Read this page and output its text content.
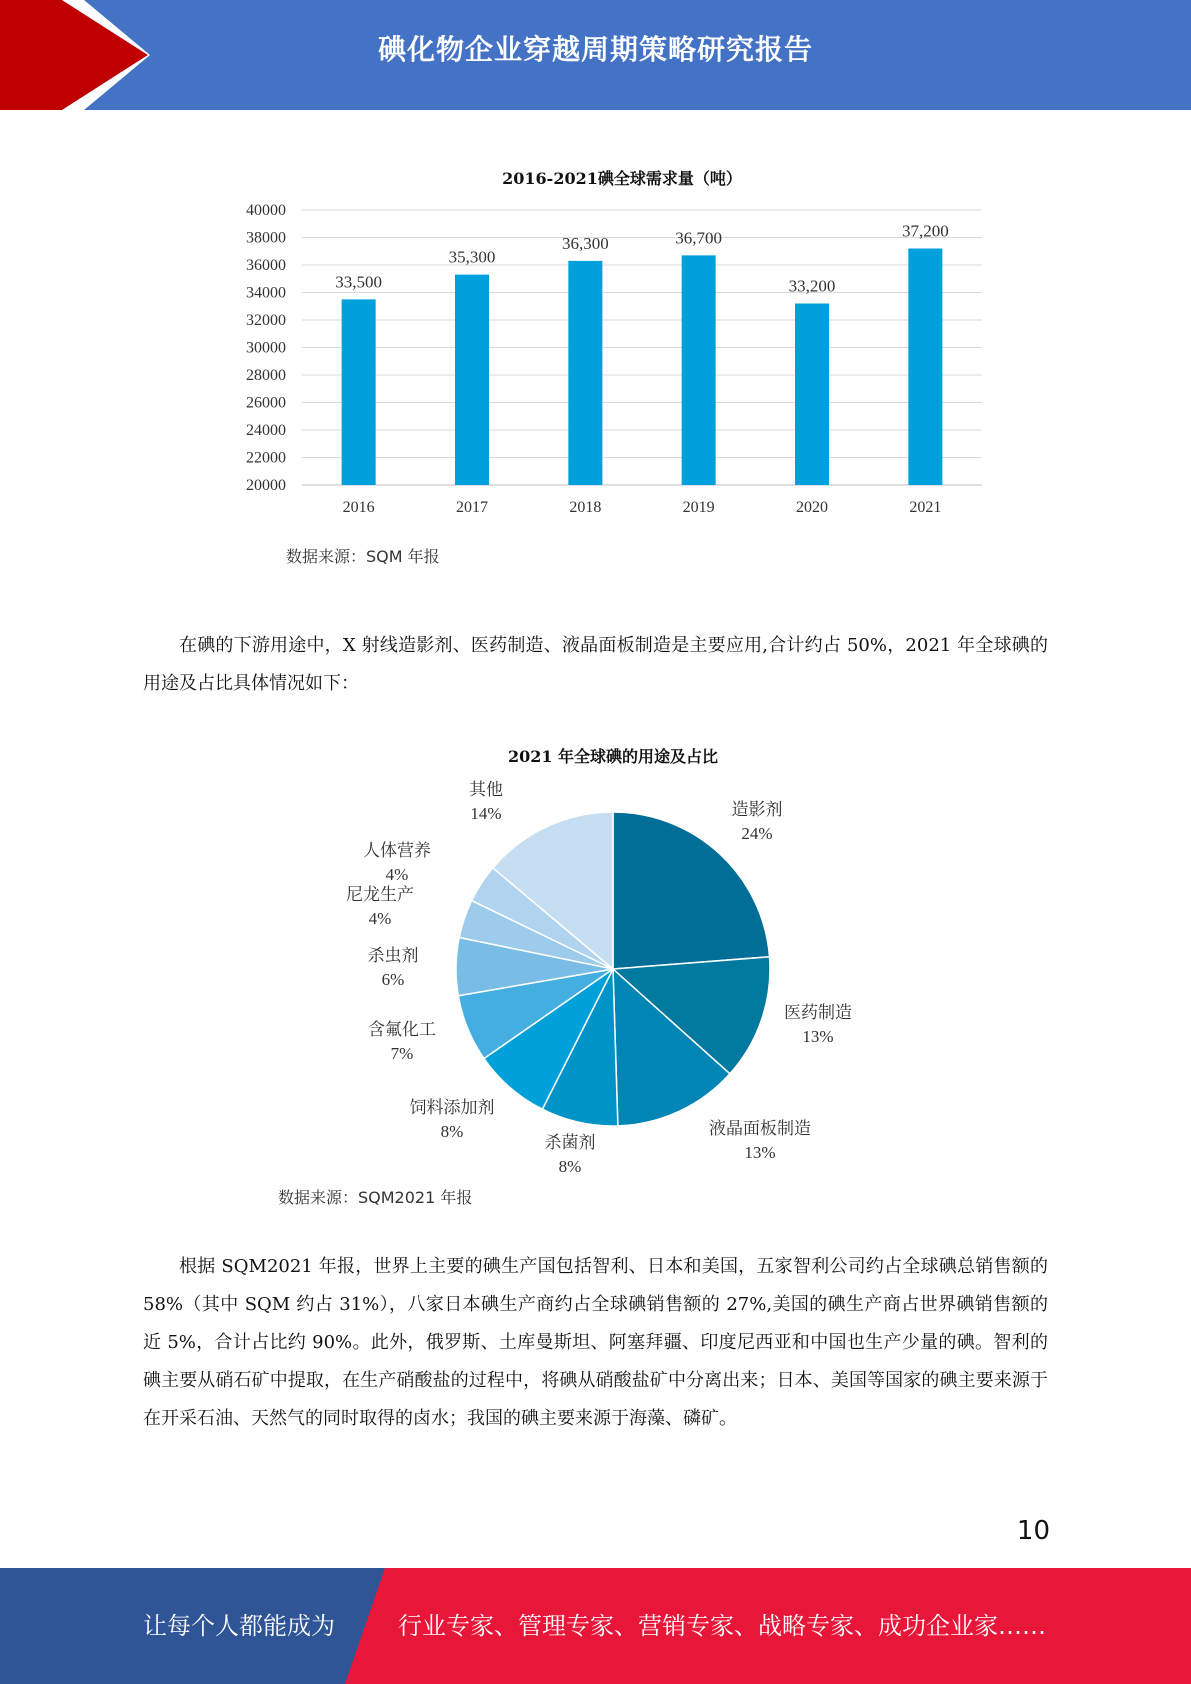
碘化物企业穿越周期策略研究报告
2016-2021碘全球需求量（吨）
20000
22000
24000
26000
28000
30000
32000
34000
36000
38000
40000
33,500
35,300
36,300	36,700
33,200
37,200
2016	2017	2018	2019	2020	2021
数据来源：SQM 年报

在碘的下游用途中，X 射线造影剂、医药制造、液晶面板制造是主要应用,合计约占 50%，2021 年全球碘的用途及占比具体情况如下：

2021 年全球碘的用途及占比
造影剂
24%
医药制造
13%
液晶面板制造
13%
杀菌剂
8%
饲料添加剂
8%
含氟化工
7%
杀虫剂
6%
尼龙生产
4%
人体营养
4%
其他
14%
数据来源：SQM2021 年报

根据 SQM2021 年报，世界上主要的碘生产国包括智利、日本和美国，五家智利公司约占全球碘总销售额的 58%（其中 SQM 约占 31%），八家日本碘生产商约占全球碘销售额的 27%,美国的碘生产商占世界碘销售额的近 5%，合计占比约 90%。此外，俄罗斯、土库曼斯坦、阿塞拜疆、印度尼西亚和中国也生产少量的碘。智利的碘主要从硝石矿中提取，在生产硝酸盐的过程中，将碘从硝酸盐矿中分离出来；日本、美国等国家的碘主要来源于在开采石油、天然气的同时取得的卤水；我国的碘主要来源于海藻、磷矿。

10
让每个人都能成为	行业专家、管理专家、营销专家、战略专家、成功企业家……
